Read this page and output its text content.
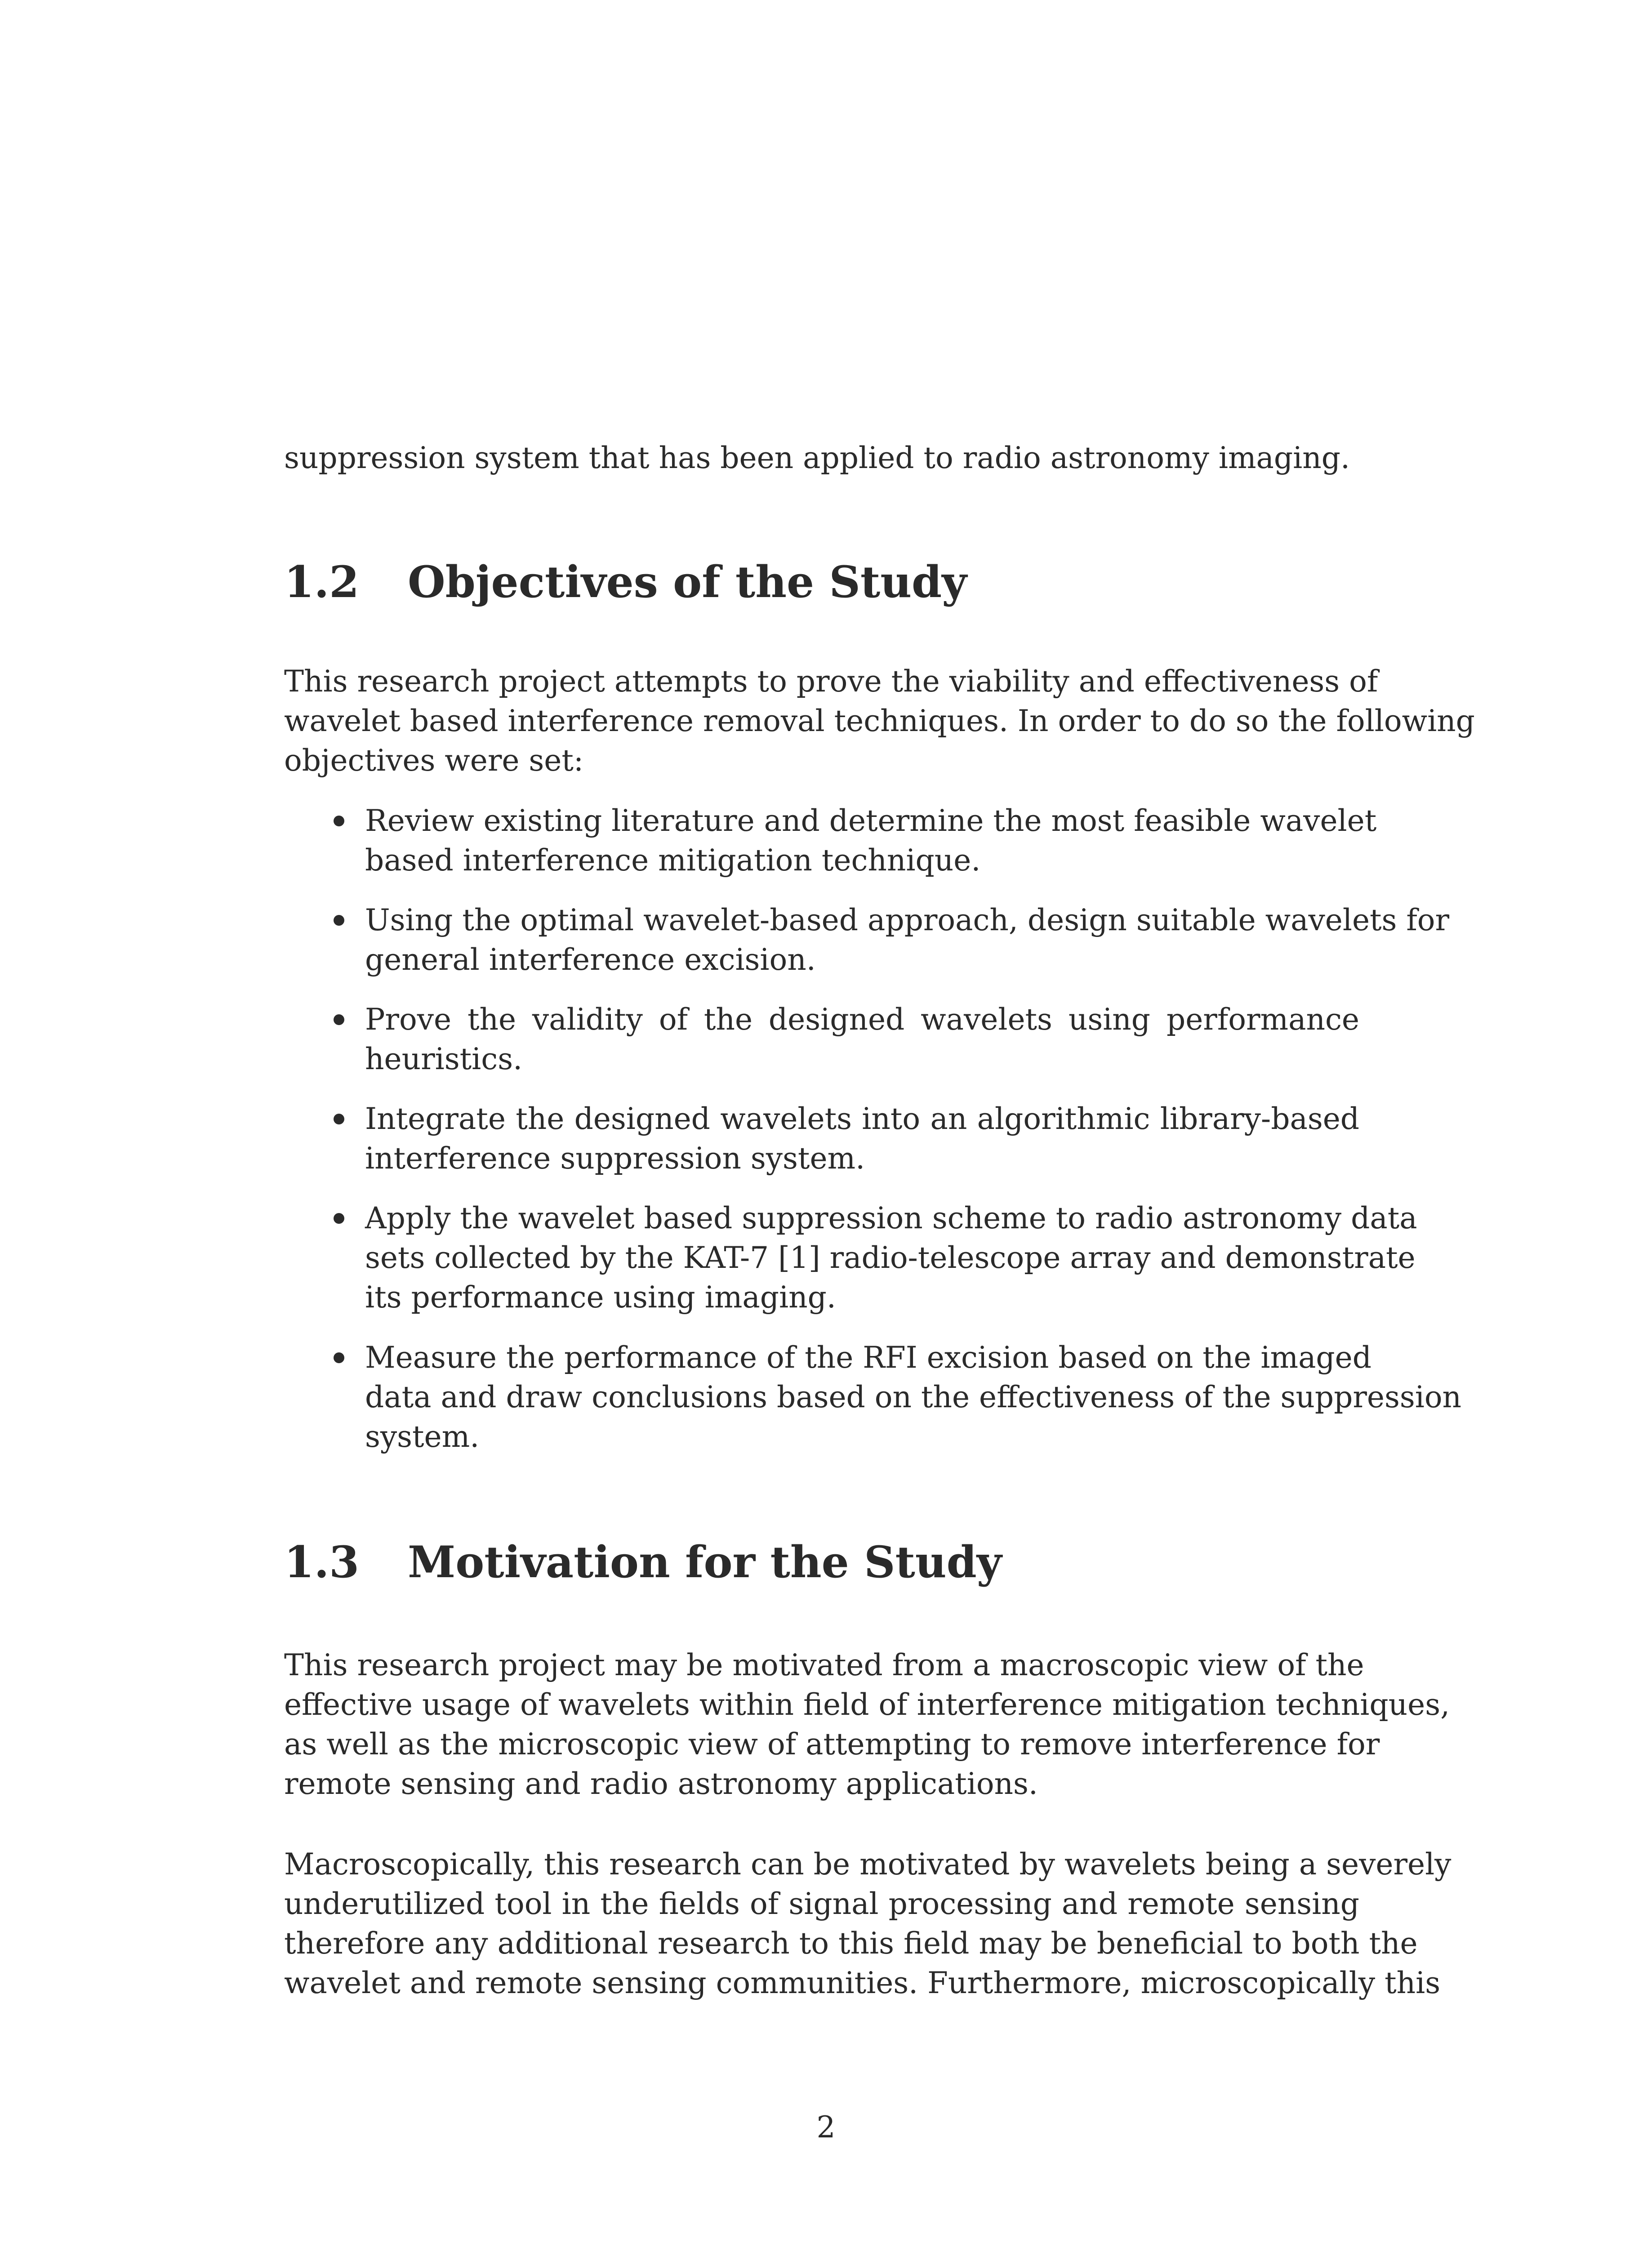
suppression system that has been applied to radio astronomy imaging.

1.2 Objectives of the Study

This research project attempts to prove the viability and effectiveness of
wavelet based interference removal techniques. In order to do so the following
objectives were set:

Review existing literature and determine the most feasible wavelet
based interference mitigation technique.
Using the optimal wavelet-based approach, design suitable wavelets for
general interference excision.
Prove the validity of the designed wavelets using performance
heuristics.
Integrate the designed wavelets into an algorithmic library-based
interference suppression system.
Apply the wavelet based suppression scheme to radio astronomy data
sets collected by the KAT-7 [1] radio-telescope array and demonstrate
its performance using imaging.
Measure the performance of the RFI excision based on the imaged
data and draw conclusions based on the effectiveness of the suppression
system.
1.3 Motivation for the Study

This research project may be motivated from a macroscopic view of the
effective usage of wavelets within field of interference mitigation techniques,
as well as the microscopic view of attempting to remove interference for
remote sensing and radio astronomy applications.

Macroscopically, this research can be motivated by wavelets being a severely
underutilized tool in the fields of signal processing and remote sensing
therefore any additional research to this field may be beneficial to both the
wavelet and remote sensing communities. Furthermore, microscopically this

2
